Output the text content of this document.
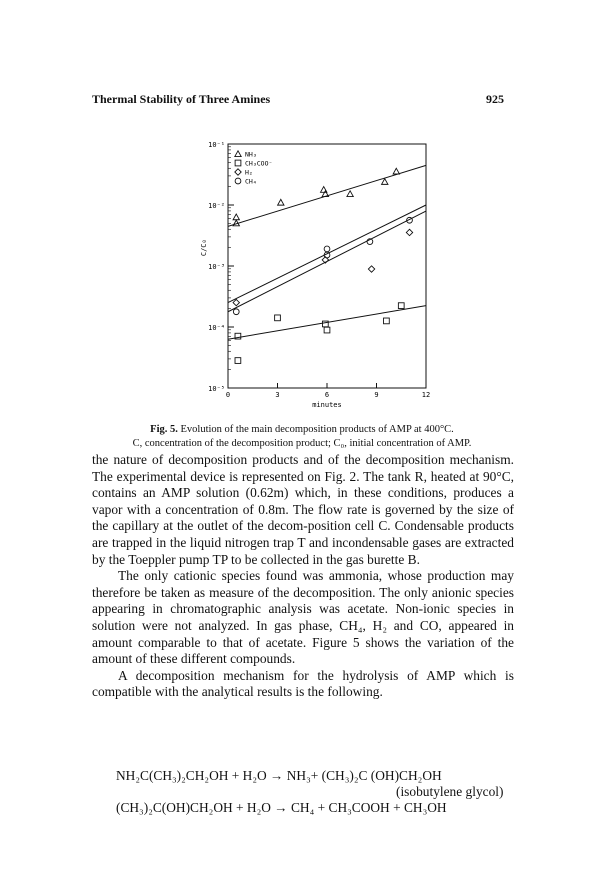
Thermal Stability of Three Amines	925
10⁻¹
10⁻²
10⁻³
10⁻⁴
10⁻⁵
0	3	6	9	12
minutes
C/C₀
NH₃
CH₃COO⁻
H₂
CH₄
Fig. 5. Evolution of the main decomposition products of AMP at 400°C.
C, concentration of the decomposition product; C₀, initial concentration of AMP.

the nature of decomposition products and of the decomposition mechanism. The experimental device is represented on Fig. 2. The tank R, heated at 90°C, contains an AMP solution (0.62m) which, in these conditions, produces a vapor with a concentration of 0.8m. The flow rate is governed by the size of the capillary at the outlet of the decom-position cell C. Condensable products are trapped in the liquid nitrogen trap T and incondensable gases are extracted by the Toeppler pump TP to be collected in the gas burette B.

The only cationic species found was ammonia, whose production may therefore be taken as measure of the decomposition. The only anionic species appearing in chromatographic analysis was acetate. Non-ionic species in solution were not analyzed. In gas phase, CH₄, H₂ and CO, appeared in amount comparable to that of acetate. Figure 5 shows the variation of the amount of these different compounds.

A decomposition mechanism for the hydrolysis of AMP which is compatible with the analytical results is the following.

NH₂C(CH₃)₂CH₂OH + H₂O → NH₃+ (CH₃)₂C (OH)CH₂OH
(isobutylene glycol)
(CH₃)₂C(OH)CH₂OH + H₂O → CH₄ + CH₃COOH + CH₃OH
